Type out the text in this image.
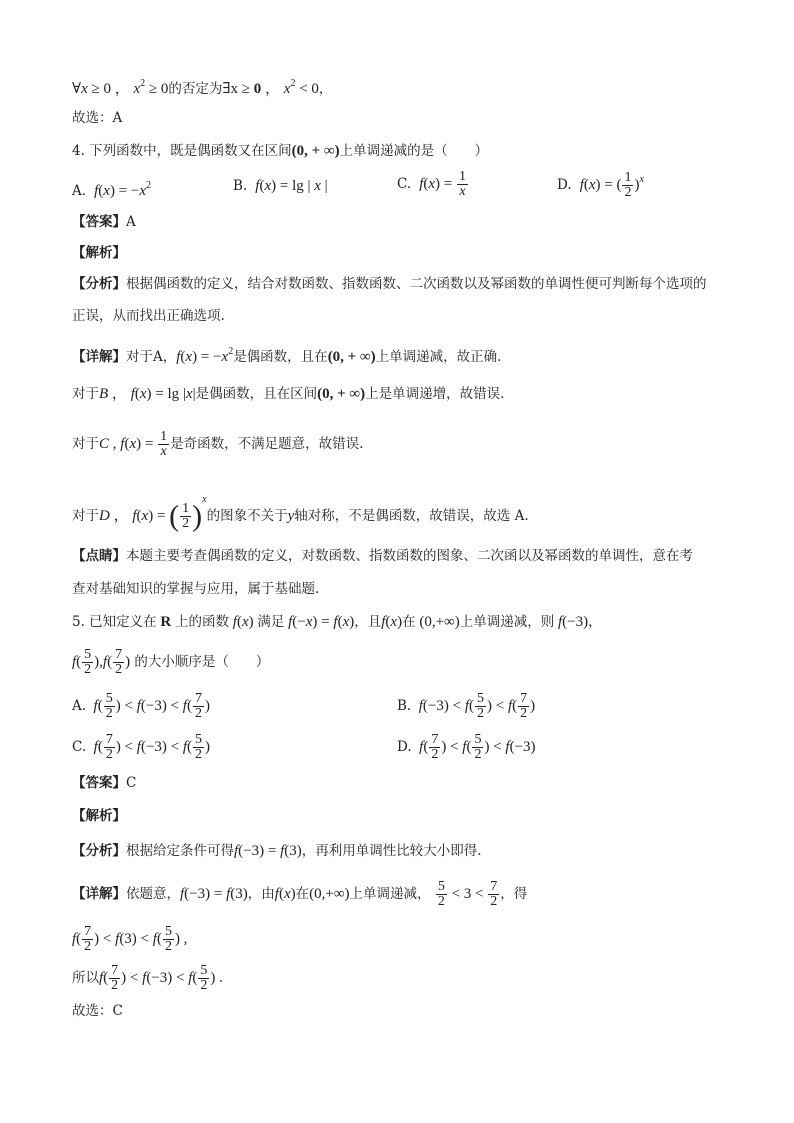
∀x ≥ 0 ， $x^2 \ge 0$的否定为∃x ≥ 0 ， $x^2 < 0$，
故选：A
4. 下列函数中，既是偶函数又在区间(0, + ∞)上单调递减的是（　　）
A. $f(x) = -x^2$	B. f(x) = lg | x |	C. $f(x) = \frac{1}{x}$	D. f(x) = ( $\frac{1}{2} )^x$
【答案】A
【解析】
【分析】根据偶函数的定义，结合对数函数、指数函数、二次函数以及幂函数的单调性便可判断每个选项的
正误，从而找出正确选项.
【详解】对于A，$f(x) = -x^2$是偶函数，且在(0, + ∞)上单调递减，故正确.
对于B ， f(x) = lg |x|是偶函数，且在区间(0, + ∞)上是单调递增，故错误.
对于C , $f(x) = \frac{1}{x}$ 是奇函数，不满足题意，故错误.
对于D ， f(x) = ( $\frac{1}{2} )^x$的图象不关于y轴对称，不是偶函数，故错误，故选 A.
【点睛】本题主要考查偶函数的定义，对数函数、指数函数的图象、二次函以及幂函数的单调性，意在考
查对基础知识的掌握与应用，属于基础题.
5. 已知定义在 R 上的函数 f(x) 满足 f(−x) = f(x)，且f(x)在 (0,+∞)上单调递减，则 f(−3)，
$f( \frac{5}{2} ),f( \frac{7}{2}$ ) 的大小顺序是（　　）
A. $f( \frac{5}{2}$ ) < $f(-3) < f( \frac{7}{2}$ )	B. $f(-3) < f( \frac{5}{2}$ ) < $f( \frac{7}{2}$ )
C. $f( \frac{7}{2}$ ) < $f(-3) < f( \frac{5}{2}$ )	D. $f( \frac{7}{2}$ ) < $f( \frac{5}{2}$ ) < f(−3)
【答案】C
【解析】
【分析】根据给定条件可得f(−3) = f(3)，再利用单调性比较大小即得.
【详解】依题意，f(−3) = f(3)，由f(x)在(0,+∞)上单调递减， $\frac{5}{2} < 3 < \frac{7}{2}$ ，得
$f( \frac{7}{2}$ ) < $f(3) < f( \frac{5}{2}$ ) ,
所以$f( \frac{7}{2}$ ) < $f(-3) < f( \frac{5}{2}$ ) .
故选：C
